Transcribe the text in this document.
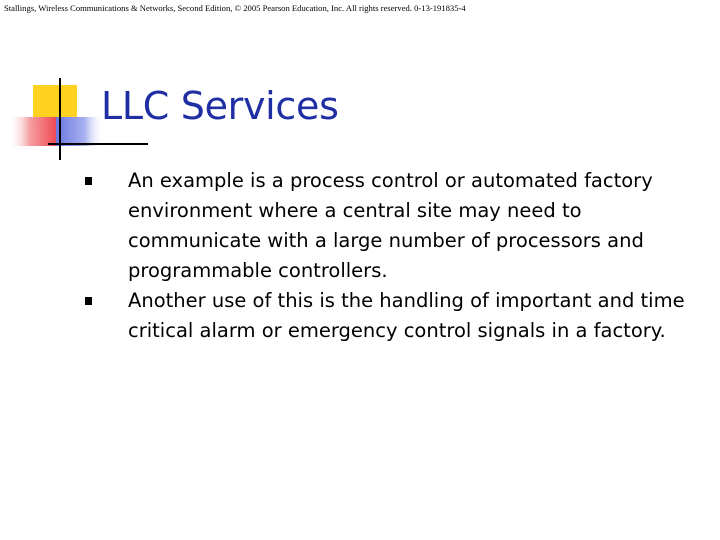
Stallings, Wireless Communications & Networks, Second Edition, © 2005 Pearson Education, Inc. All rights reserved. 0-13-191835-4
LLC Services
An example is a process control or automated factory environment where a central site may need to communicate with a large number of processors and programmable controllers.
Another use of this is the handling of important and time critical alarm or emergency control signals in a factory.
